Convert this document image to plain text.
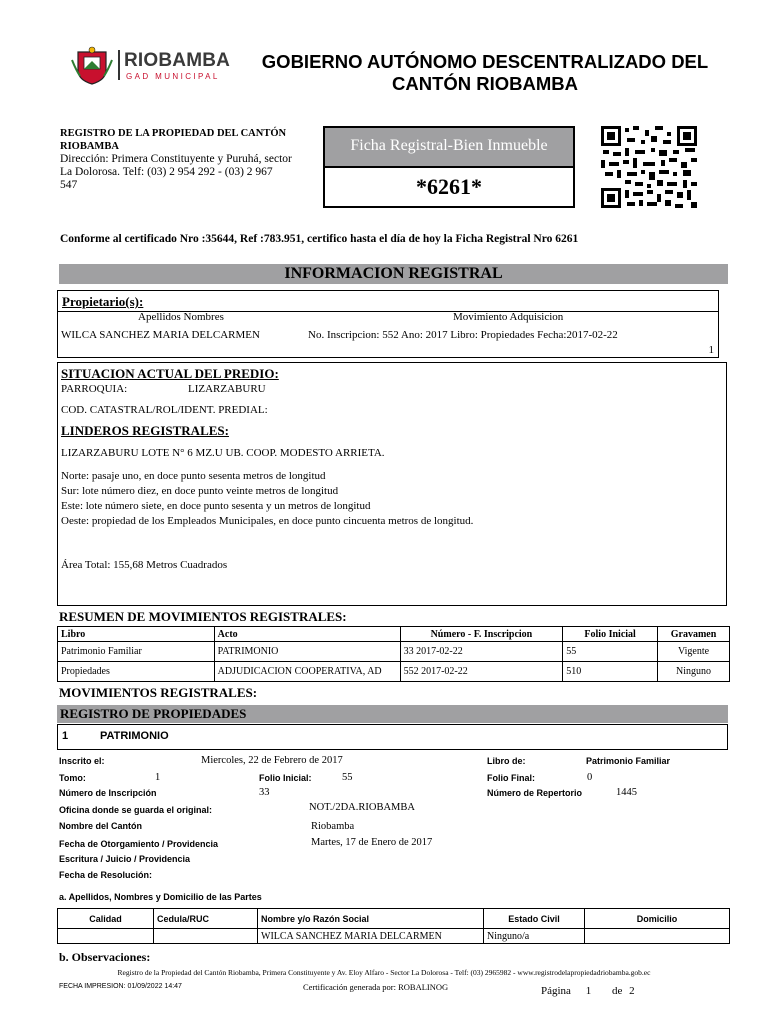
RIOBAMBA
GAD MUNICIPAL
GOBIERNO AUTÓNOMO DESCENTRALIZADO DEL
CANTÓN RIOBAMBA
REGISTRO DE LA PROPIEDAD DEL CANTÓN
RIOBAMBA
Dirección: Primera Constituyente y Puruhá, sector
La Dolorosa. Telf: (03) 2 954 292 - (03) 2 967
547
Ficha Registral-Bien Inmueble
*6261*
Conforme al certificado Nro :35644, Ref :783.951, certifico hasta el día de hoy la Ficha Registral Nro 6261
INFORMACION REGISTRAL
Propietario(s):
Apellidos Nombres	Movimiento Adquisicion
WILCA SANCHEZ MARIA DELCARMEN	No. Inscripcion: 552 Ano: 2017 Libro: Propiedades Fecha:2017-02-22
1
SITUACION ACTUAL DEL PREDIO:
PARROQUIA:	LIZARZABURU
COD. CATASTRAL/ROL/IDENT. PREDIAL:
LINDEROS REGISTRALES:
LIZARZABURU LOTE N° 6 MZ.U UB. COOP. MODESTO ARRIETA.
Norte: pasaje uno, en doce punto sesenta metros de longitud
Sur: lote número diez, en doce punto veinte metros de longitud
Este: lote número siete, en doce punto sesenta y un metros de longitud
Oeste: propiedad de los Empleados Municipales, en doce punto cincuenta metros de longitud.
Área Total: 155,68 Metros Cuadrados
RESUMEN DE MOVIMIENTOS REGISTRALES:
Libro	Acto	Número - F. Inscripcion	Folio Inicial	Gravamen
Patrimonio Familiar	PATRIMONIO	33 2017-02-22	55	Vigente
Propiedades	ADJUDICACION COOPERATIVA, AD	552 2017-02-22	510	Ninguno
MOVIMIENTOS REGISTRALES:
REGISTRO DE PROPIEDADES
1	PATRIMONIO
Inscrito el:	Miercoles, 22 de Febrero de 2017	Libro de:	Patrimonio Familiar
Tomo:	1	Folio Inicial:	55	Folio Final:	0
Número de Inscripción	33	Número de Repertorio	1445
Oficina donde se guarda el original:	NOT./2DA.RIOBAMBA
Nombre del Cantón	Riobamba
Fecha de Otorgamiento / Providencia	Martes, 17 de Enero de 2017
Escritura / Juicio / Providencia
Fecha de Resolución:
a. Apellidos, Nombres y Domicilio de las Partes
Calidad	Cedula/RUC	Nombre y/o Razón Social	Estado Civil	Domicilio
		WILCA SANCHEZ MARIA DELCARMEN	Ninguno/a	
b. Observaciones:
Registro de la Propiedad del Cantón Riobamba, Primera Constituyente y Av. Eloy Alfaro - Sector La Dolorosa - Telf: (03) 2965982 - www.registrodelapropiedadriobamba.gob.ec
FECHA IMPRESION: 01/09/2022 14:47	Certificación generada por: ROBALINOG	Página 1 de 2
